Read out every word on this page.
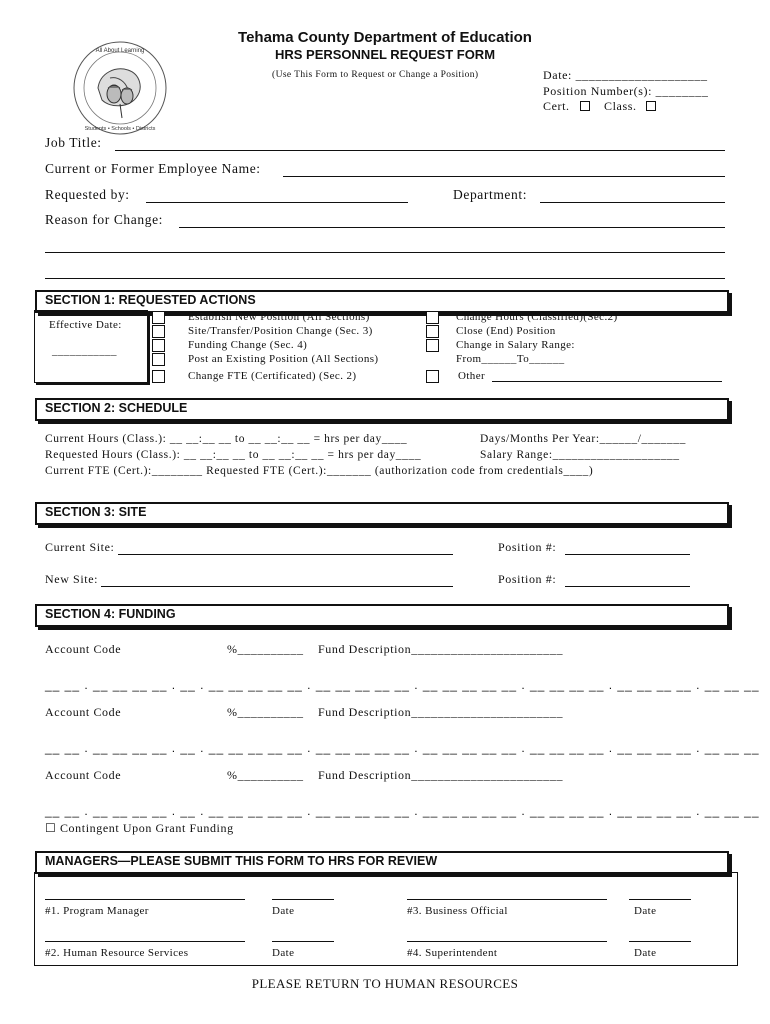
All About Learning
Students • Schools • Districts
Tehama County Department of Education
HRS PERSONNEL REQUEST FORM
(Use This Form to Request or Change a Position)	Date: ____________________
Position Number(s): ________
Cert.	Class.
Job Title:
Current or Former Employee Name:
Requested by:	Department:
Reason for Change:
SECTION 1: REQUESTED ACTIONS
Effective Date:
___________
Establish New Position (All Sections)
Site/Transfer/Position Change (Sec. 3)
Funding Change (Sec. 4)
Post an Existing Position (All Sections)
Change FTE (Certificated) (Sec. 2)
Change Hours (Classified)(Sec.2)
Close (End) Position
Change in Salary Range:
From______To______
Other
SECTION 2: SCHEDULE
Current Hours (Class.): __ __:__ __ to __ __:__ __ = hrs per day____	Days/Months Per Year:______/_______
Requested Hours (Class.): __ __:__ __ to __ __:__ __ = hrs per day____	Salary Range:____________________
Current FTE (Cert.):________ Requested FTE (Cert.):_______ (authorization code from credentials____)
SECTION 3: SITE
Current Site:	Position #:
New Site:	Position #:
SECTION 4: FUNDING
Account Code	%__________ Fund Description_______________________
__ __ . __ __ __ __ . __ . __ __ __ __ __ . __ __ __ __ __ . __ __ __ __ __ . __ __ __ __ . __ __ __ __ . __ __ __
Account Code	%__________ Fund Description_______________________
__ __ . __ __ __ __ . __ . __ __ __ __ __ . __ __ __ __ __ . __ __ __ __ __ . __ __ __ __ . __ __ __ __ . __ __ __
Account Code	%__________ Fund Description_______________________
__ __ . __ __ __ __ . __ . __ __ __ __ __ . __ __ __ __ __ . __ __ __ __ __ . __ __ __ __ . __ __ __ __ . __ __ __
☐ Contingent Upon Grant Funding
MANAGERS—PLEASE SUBMIT THIS FORM TO HRS FOR REVIEW
#1. Program Manager	Date	#3. Business Official	Date
#2. Human Resource Services	Date	#4. Superintendent	Date
PLEASE RETURN TO HUMAN RESOURCES
